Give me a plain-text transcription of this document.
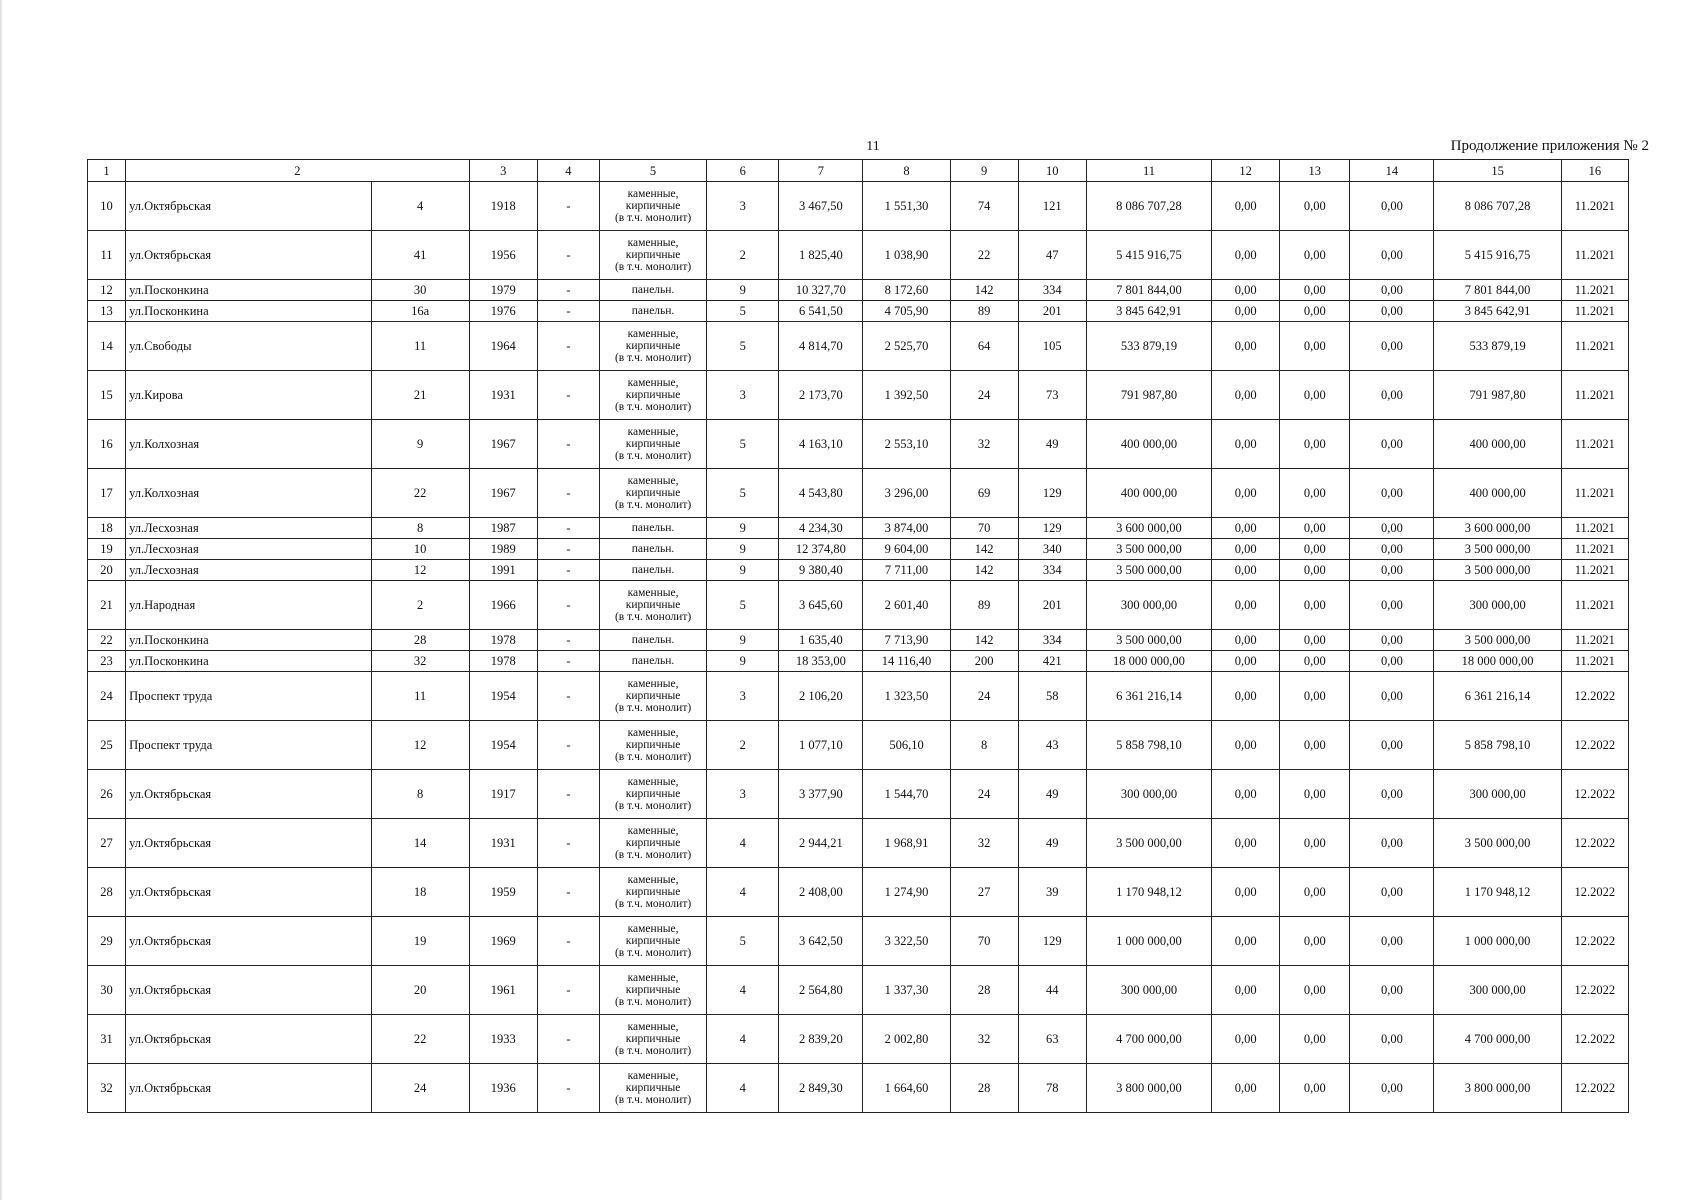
11	Продолжение приложения № 2
1	2		3	4	5	6	7	8	9	10	11	12	13	14	15	16
10	ул.Октябрьская	4	1918	-	каменные,
кирпичные
(в т.ч. монолит)	3	3 467,50	1 551,30	74	121	8 086 707,28	0,00	0,00	0,00	8 086 707,28	11.2021
11	ул.Октябрьская	41	1956	-	каменные,
кирпичные
(в т.ч. монолит)	2	1 825,40	1 038,90	22	47	5 415 916,75	0,00	0,00	0,00	5 415 916,75	11.2021
12	ул.Посконкина	30	1979	-	панельн.	9	10 327,70	8 172,60	142	334	7 801 844,00	0,00	0,00	0,00	7 801 844,00	11.2021
13	ул.Посконкина	16а	1976	-	панельн.	5	6 541,50	4 705,90	89	201	3 845 642,91	0,00	0,00	0,00	3 845 642,91	11.2021
14	ул.Свободы	11	1964	-	каменные,
кирпичные
(в т.ч. монолит)	5	4 814,70	2 525,70	64	105	533 879,19	0,00	0,00	0,00	533 879,19	11.2021
15	ул.Кирова	21	1931	-	каменные,
кирпичные
(в т.ч. монолит)	3	2 173,70	1 392,50	24	73	791 987,80	0,00	0,00	0,00	791 987,80	11.2021
16	ул.Колхозная	9	1967	-	каменные,
кирпичные
(в т.ч. монолит)	5	4 163,10	2 553,10	32	49	400 000,00	0,00	0,00	0,00	400 000,00	11.2021
17	ул.Колхозная	22	1967	-	каменные,
кирпичные
(в т.ч. монолит)	5	4 543,80	3 296,00	69	129	400 000,00	0,00	0,00	0,00	400 000,00	11.2021
18	ул.Лесхозная	8	1987	-	панельн.	9	4 234,30	3 874,00	70	129	3 600 000,00	0,00	0,00	0,00	3 600 000,00	11.2021
19	ул.Лесхозная	10	1989	-	панельн.	9	12 374,80	9 604,00	142	340	3 500 000,00	0,00	0,00	0,00	3 500 000,00	11.2021
20	ул.Лесхозная	12	1991	-	панельн.	9	9 380,40	7 711,00	142	334	3 500 000,00	0,00	0,00	0,00	3 500 000,00	11.2021
21	ул.Народная	2	1966	-	каменные,
кирпичные
(в т.ч. монолит)	5	3 645,60	2 601,40	89	201	300 000,00	0,00	0,00	0,00	300 000,00	11.2021
22	ул.Посконкина	28	1978	-	панельн.	9	1 635,40	7 713,90	142	334	3 500 000,00	0,00	0,00	0,00	3 500 000,00	11.2021
23	ул.Посконкина	32	1978	-	панельн.	9	18 353,00	14 116,40	200	421	18 000 000,00	0,00	0,00	0,00	18 000 000,00	11.2021
24	Проспект труда	11	1954	-	каменные,
кирпичные
(в т.ч. монолит)	3	2 106,20	1 323,50	24	58	6 361 216,14	0,00	0,00	0,00	6 361 216,14	12.2022
25	Проспект труда	12	1954	-	каменные,
кирпичные
(в т.ч. монолит)	2	1 077,10	506,10	8	43	5 858 798,10	0,00	0,00	0,00	5 858 798,10	12.2022
26	ул.Октябрьская	8	1917	-	каменные,
кирпичные
(в т.ч. монолит)	3	3 377,90	1 544,70	24	49	300 000,00	0,00	0,00	0,00	300 000,00	12.2022
27	ул.Октябрьская	14	1931	-	каменные,
кирпичные
(в т.ч. монолит)	4	2 944,21	1 968,91	32	49	3 500 000,00	0,00	0,00	0,00	3 500 000,00	12.2022
28	ул.Октябрьская	18	1959	-	каменные,
кирпичные
(в т.ч. монолит)	4	2 408,00	1 274,90	27	39	1 170 948,12	0,00	0,00	0,00	1 170 948,12	12.2022
29	ул.Октябрьская	19	1969	-	каменные,
кирпичные
(в т.ч. монолит)	5	3 642,50	3 322,50	70	129	1 000 000,00	0,00	0,00	0,00	1 000 000,00	12.2022
30	ул.Октябрьская	20	1961	-	каменные,
кирпичные
(в т.ч. монолит)	4	2 564,80	1 337,30	28	44	300 000,00	0,00	0,00	0,00	300 000,00	12.2022
31	ул.Октябрьская	22	1933	-	каменные,
кирпичные
(в т.ч. монолит)	4	2 839,20	2 002,80	32	63	4 700 000,00	0,00	0,00	0,00	4 700 000,00	12.2022
32	ул.Октябрьская	24	1936	-	каменные,
кирпичные
(в т.ч. монолит)	4	2 849,30	1 664,60	28	78	3 800 000,00	0,00	0,00	0,00	3 800 000,00	12.2022
